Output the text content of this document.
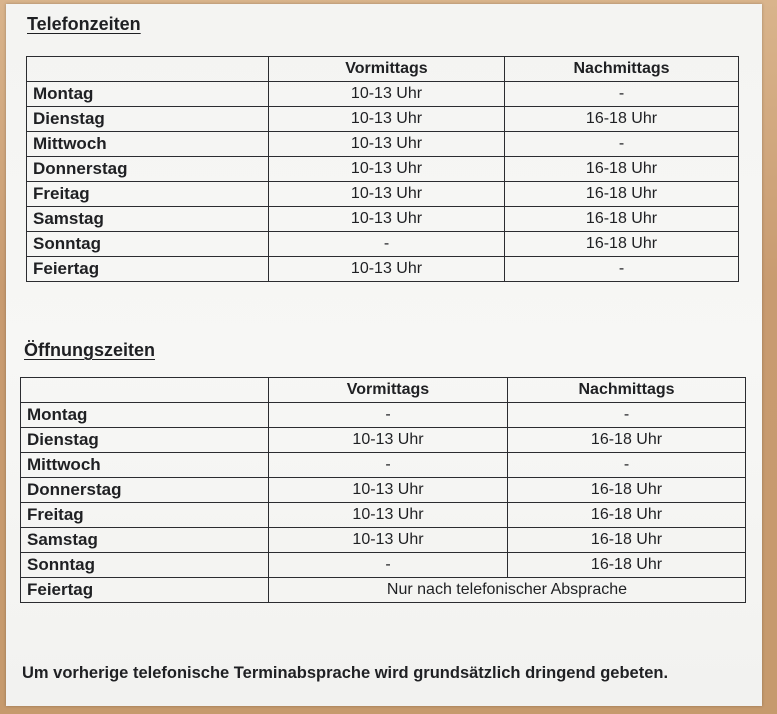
Telefonzeiten
	Vormittags	Nachmittags
Montag	10-13 Uhr	-
Dienstag	10-13 Uhr	16-18 Uhr
Mittwoch	10-13 Uhr	-
Donnerstag	10-13 Uhr	16-18 Uhr
Freitag	10-13 Uhr	16-18 Uhr
Samstag	10-13 Uhr	16-18 Uhr
Sonntag	-	16-18 Uhr
Feiertag	10-13 Uhr	-
Öffnungszeiten
	Vormittags	Nachmittags
Montag	-	-
Dienstag	10-13 Uhr	16-18 Uhr
Mittwoch	-	-
Donnerstag	10-13 Uhr	16-18 Uhr
Freitag	10-13 Uhr	16-18 Uhr
Samstag	10-13 Uhr	16-18 Uhr
Sonntag	-	16-18 Uhr
Feiertag	Nur nach telefonischer Absprache	
Um vorherige telefonische Terminabsprache wird grundsätzlich dringend gebeten.
